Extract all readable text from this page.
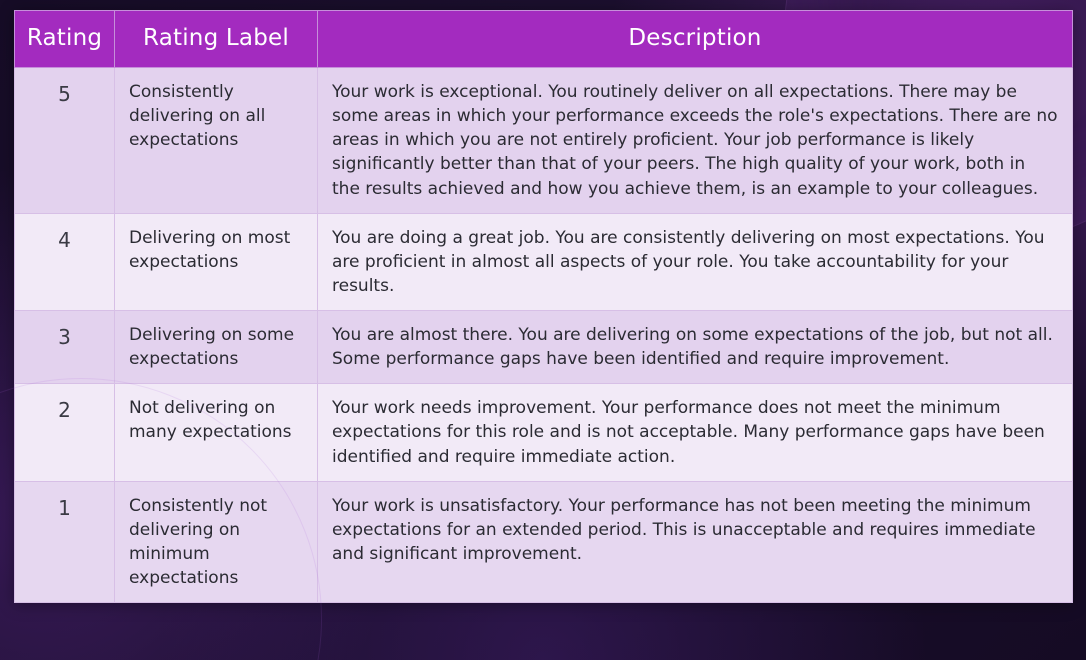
Rating	Rating Label	Description
5	Consistently delivering on all expectations	Your work is exceptional. You routinely deliver on all expectations. There may be some areas in which your performance exceeds the role's expectations. There are no areas in which you are not entirely proficient. Your job performance is likely significantly better than that of your peers. The high quality of your work, both in the results achieved and how you achieve them, is an example to your colleagues.
4	Delivering on most expectations	You are doing a great job. You are consistently delivering on most expectations. You are proficient in almost all aspects of your role. You take accountability for your results.
3	Delivering on some expectations	You are almost there. You are delivering on some expectations of the job, but not all. Some performance gaps have been identified and require improvement.
2	Not delivering on many expectations	Your work needs improvement. Your performance does not meet the minimum expectations for this role and is not acceptable. Many performance gaps have been identified and require immediate action.
1	Consistently not delivering on minimum expectations	Your work is unsatisfactory. Your performance has not been meeting the minimum expectations for an extended period. This is unacceptable and requires immediate and significant improvement.
